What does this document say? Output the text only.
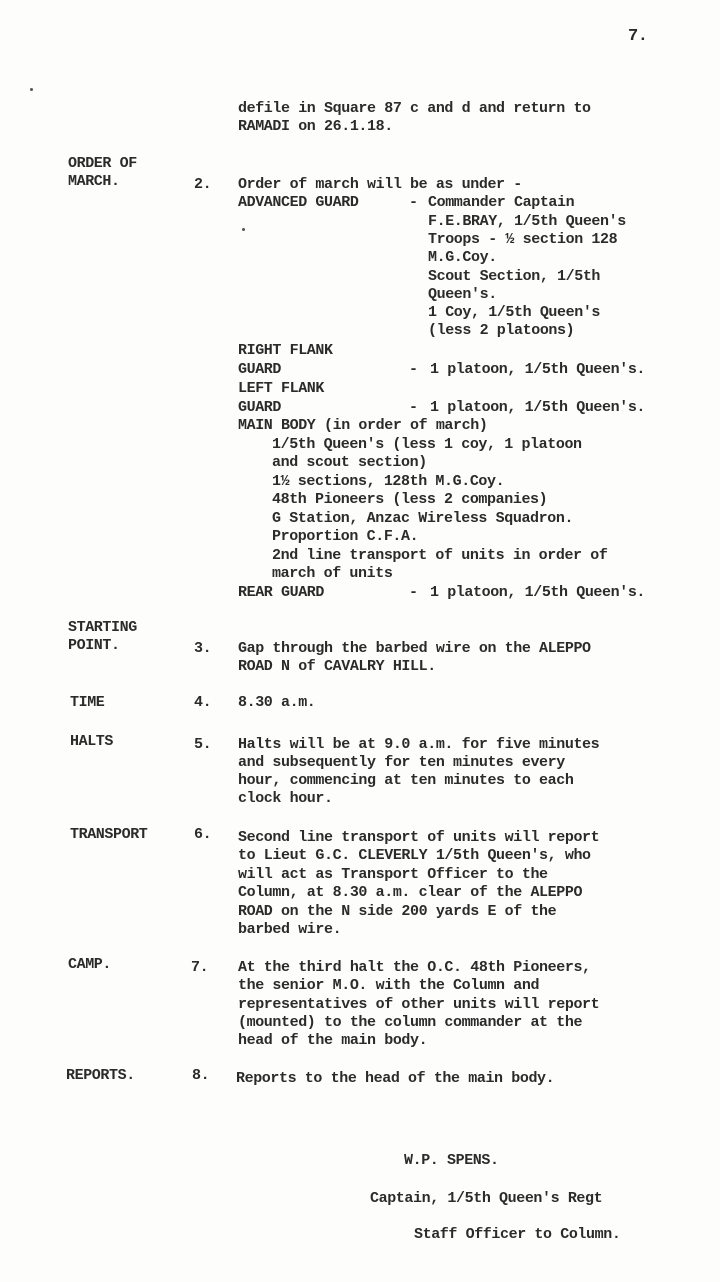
7.
defile in Square 87 c and d and return to
RAMADI on 26.1.18.
ORDER OF
MARCH.	2. Order of march will be as under -
ADVANCED GUARD	- Commander Captain
F.E.BRAY, 1/5th Queen's
Troops - ½ section 128
M.G.Coy.
Scout Section, 1/5th
Queen's.
1 Coy, 1/5th Queen's
(less 2 platoons)
RIGHT FLANK
GUARD	- 1 platoon, 1/5th Queen's.
LEFT FLANK
GUARD	- 1 platoon, 1/5th Queen's.
MAIN BODY (in order of march)
1/5th Queen's (less 1 coy, 1 platoon
and scout section)
1½ sections, 128th M.G.Coy.
48th Pioneers (less 2 companies)
G Station, Anzac Wireless Squadron.
Proportion C.F.A.
2nd line transport of units in order of
march of units
REAR GUARD	- 1 platoon, 1/5th Queen's.
STARTING
POINT.	3. Gap through the barbed wire on the ALEPPO
ROAD N of CAVALRY HILL.
TIME	4. 8.30 a.m.
HALTS	5. Halts will be at 9.0 a.m. for five minutes
and subsequently for ten minutes every
hour, commencing at ten minutes to each
clock hour.
TRANSPORT	6. Second line transport of units will report
to Lieut G.C. CLEVERLY 1/5th Queen's, who
will act as Transport Officer to the
Column, at 8.30 a.m. clear of the ALEPPO
ROAD on the N side 200 yards E of the
barbed wire.
CAMP.	7. At the third halt the O.C. 48th Pioneers,
the senior M.O. with the Column and
representatives of other units will report
(mounted) to the column commander at the
head of the main body.
REPORTS.	8. Reports to the head of the main body.
W.P. SPENS.
Captain, 1/5th Queen's Regt
Staff Officer to Column.
